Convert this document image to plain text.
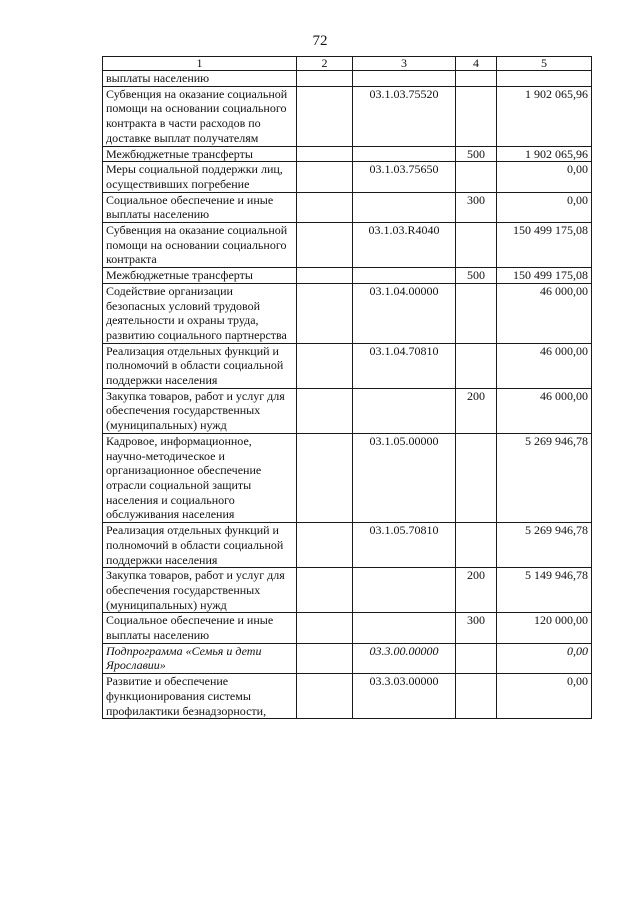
72
1	2	3	4	5
выплаты населению				
Субвенция на оказание социальной помощи на основании социального контракта в части расходов по доставке выплат получателям		03.1.03.75520		1 902 065,96
Межбюджетные трансферты			500	1 902 065,96
Меры социальной поддержки лиц, осуществивших погребение		03.1.03.75650		0,00
Социальное обеспечение и иные выплаты населению			300	0,00
Субвенция на оказание социальной помощи на основании социального контракта		03.1.03.R4040		150 499 175,08
Межбюджетные трансферты			500	150 499 175,08
Содействие организации безопасных условий трудовой деятельности и охраны труда, развитию социального партнерства		03.1.04.00000		46 000,00
Реализация отдельных функций и полномочий в области социальной поддержки населения		03.1.04.70810		46 000,00
Закупка товаров, работ и услуг для обеспечения государственных (муниципальных) нужд			200	46 000,00
Кадровое, информационное, научно-методическое и организационное обеспечение отрасли социальной защиты населения и социального обслуживания населения		03.1.05.00000		5 269 946,78
Реализация отдельных функций и полномочий в области социальной поддержки населения		03.1.05.70810		5 269 946,78
Закупка товаров, работ и услуг для обеспечения государственных (муниципальных) нужд			200	5 149 946,78
Социальное обеспечение и иные выплаты населению			300	120 000,00
Подпрограмма «Семья и дети Ярославии»		03.3.00.00000		0,00
Развитие и обеспечение функционирования системы профилактики безнадзорности,		03.3.03.00000		0,00
